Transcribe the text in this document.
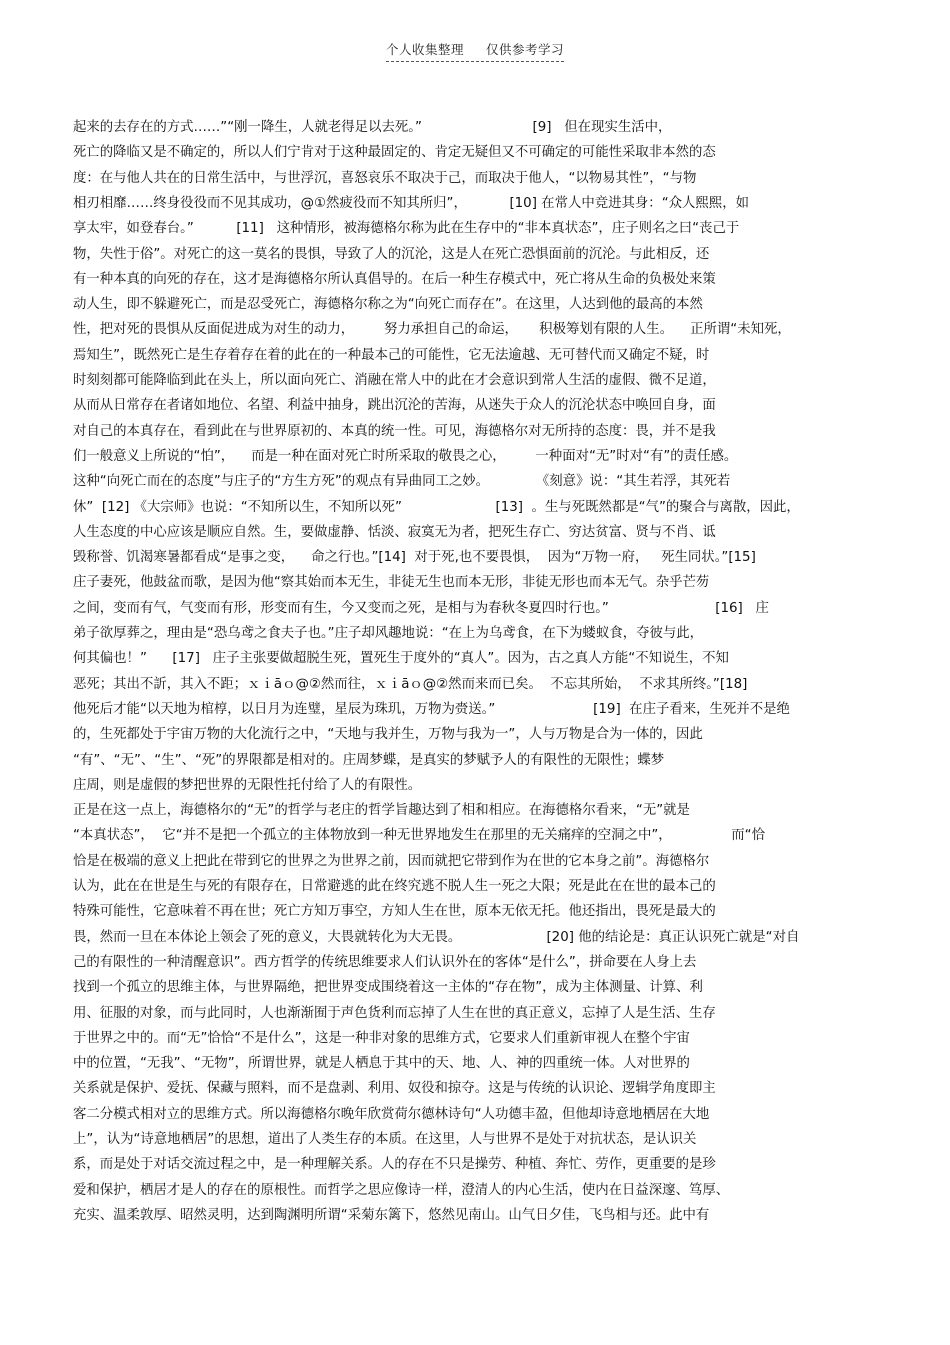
个人收集整理 仅供参考学习
起来的去存在的方式……”“刚一降生，人就老得足以去死。”                          [9]   但在现实生活中，
死亡的降临又是不确定的，所以人们宁肯对于这种最固定的、肯定无疑但又不可确定的可能性采取非本然的态
度：在与他人共在的日常生活中，与世浮沉，喜怒哀乐不取决于己，而取决于他人，“以物易其性”，“与物
相刃相靡……终身役役而不见其成功，@①然疲役而不知其所归”，          [10] 在常人中竞进其身：“众人熙熙，如
享太牢，如登春台。”          [11]   这种情形，被海德格尔称为此在生存中的“非本真状态”，庄子则名之曰“丧己于
物，失性于俗”。对死亡的这一莫名的畏惧，导致了人的沉沦，这是人在死亡恐惧面前的沉沦。与此相反，还
有一种本真的向死的存在，这才是海德格尔所认真倡导的。在后一种生存模式中，死亡将从生命的负极处来策
动人生，即不躲避死亡，而是忍受死亡，海德格尔称之为“向死亡而存在”。在这里，人达到他的最高的本然
性，把对死的畏惧从反面促进成为对生的动力，       努力承担自己的命运，     积极筹划有限的人生。    正所谓“未知死，
焉知生”，既然死亡是生存着存在着的此在的一种最本己的可能性，它无法逾越、无可替代而又确定不疑，时
时刻刻都可能降临到此在头上，所以面向死亡、消融在常人中的此在才会意识到常人生活的虚假、微不足道，
从而从日常存在者诸如地位、名望、利益中抽身，跳出沉沦的苦海，从迷失于众人的沉沦状态中唤回自身，面
对自己的本真存在，看到此在与世界原初的、本真的统一性。可见，海德格尔对无所持的态度：畏，并不是我
们一般意义上所说的“怕”，    而是一种在面对死亡时所采取的敬畏之心，       一种面对“无”时对“有”的责任感。
这种“向死亡而在的态度”与庄子的“方生方死”的观点有异曲同工之妙。           《刻意》说：“其生若浮，其死若
休”  [12] 《大宗师》也说：“不知所以生，不知所以死”                      [13]  。生与死既然都是“气”的聚合与离散，因此，
人生态度的中心应该是顺应自然。生，要做虚静、恬淡、寂寞无为者，把死生存亡、穷达贫富、贤与不肖、诋
毁称誉、饥渴寒暑都看成“是事之变，    命之行也。”[14]  对于死,也不要畏惧，  因为“万物一府，   死生同状。”[15]
庄子妻死，他鼓盆而歌，是因为他“察其始而本无生，非徒无生也而本无形，非徒无形也而本无气。杂乎芒芴
之间，变而有气，气变而有形，形变而有生，今又变而之死，是相与为春秋冬夏四时行也。”                         [16]   庄
弟子欲厚葬之，理由是“恐乌鸢之食夫子也。”庄子却风趣地说：“在上为乌鸢食，在下为蝼蚁食，夺彼与此，
何其偏也！”      [17]   庄子主张要做超脱生死，置死生于度外的“真人”。因为，古之真人方能“不知说生，不知
恶死；其出不訢，其入不距；ｘｉāｏ@②然而往，ｘｉāｏ@②然而来而已矣。  不忘其所始，  不求其所终。”[18]
他死后才能“以天地为棺椁，以日月为连璧，星辰为珠玑，万物为赍送。”                       [19]  在庄子看来，生死并不是绝
的，生死都处于宇宙万物的大化流行之中，“天地与我并生，万物与我为一”，人与万物是合为一体的，因此
“有”、“无”、“生”、“死”的界限都是相对的。庄周梦蝶，是真实的梦赋予人的有限性的无限性；蝶梦
庄周，则是虚假的梦把世界的无限性托付给了人的有限性。
正是在这一点上，海德格尔的“无”的哲学与老庄的哲学旨趣达到了相和相应。在海德格尔看来，“无”就是
“本真状态”，  它“并不是把一个孤立的主体物放到一种无世界地发生在那里的无关痛痒的空洞之中”，              而“恰
恰是在极端的意义上把此在带到它的世界之为世界之前，因而就把它带到作为在世的它本身之前”。海德格尔
认为，此在在世是生与死的有限存在，日常避逃的此在终究逃不脱人生一死之大限；死是此在在世的最本己的
特殊可能性，它意味着不再在世；死亡方知万事空，方知人生在世，原本无依无托。他还指出，畏死是最大的
畏，然而一旦在本体论上领会了死的意义，大畏就转化为大无畏。                    [20] 他的结论是：真正认识死亡就是“对自
己的有限性的一种清醒意识”。西方哲学的传统思维要求人们认识外在的客体“是什么”，拼命要在人身上去
找到一个孤立的思维主体，与世界隔绝，把世界变成围绕着这一主体的“存在物”，成为主体测量、计算、利
用、征服的对象，而与此同时，人也渐渐囿于声色货利而忘掉了人生在世的真正意义，忘掉了人是生活、生存
于世界之中的。而“无”恰恰“不是什么”，这是一种非对象的思维方式，它要求人们重新审视人在整个宇宙
中的位置，“无我”、“无物”，所谓世界，就是人栖息于其中的天、地、人、神的四重统一体。人对世界的
关系就是保护、爱抚、保藏与照料，而不是盘剥、利用、奴役和掠夺。这是与传统的认识论、逻辑学角度即主
客二分模式相对立的思维方式。所以海德格尔晚年欣赏荷尔德林诗句“人功德丰盈，但他却诗意地栖居在大地
上”，认为“诗意地栖居”的思想，道出了人类生存的本质。在这里，人与世界不是处于对抗状态，是认识关
系，而是处于对话交流过程之中，是一种理解关系。人的存在不只是操劳、种植、奔忙、劳作，更重要的是珍
爱和保护，栖居才是人的存在的原根性。而哲学之思应像诗一样，澄清人的内心生活，使内在日益深邃、笃厚、
充实、温柔敦厚、昭然灵明，达到陶渊明所谓“采菊东篱下，悠然见南山。山气日夕佳，飞鸟相与还。此中有
